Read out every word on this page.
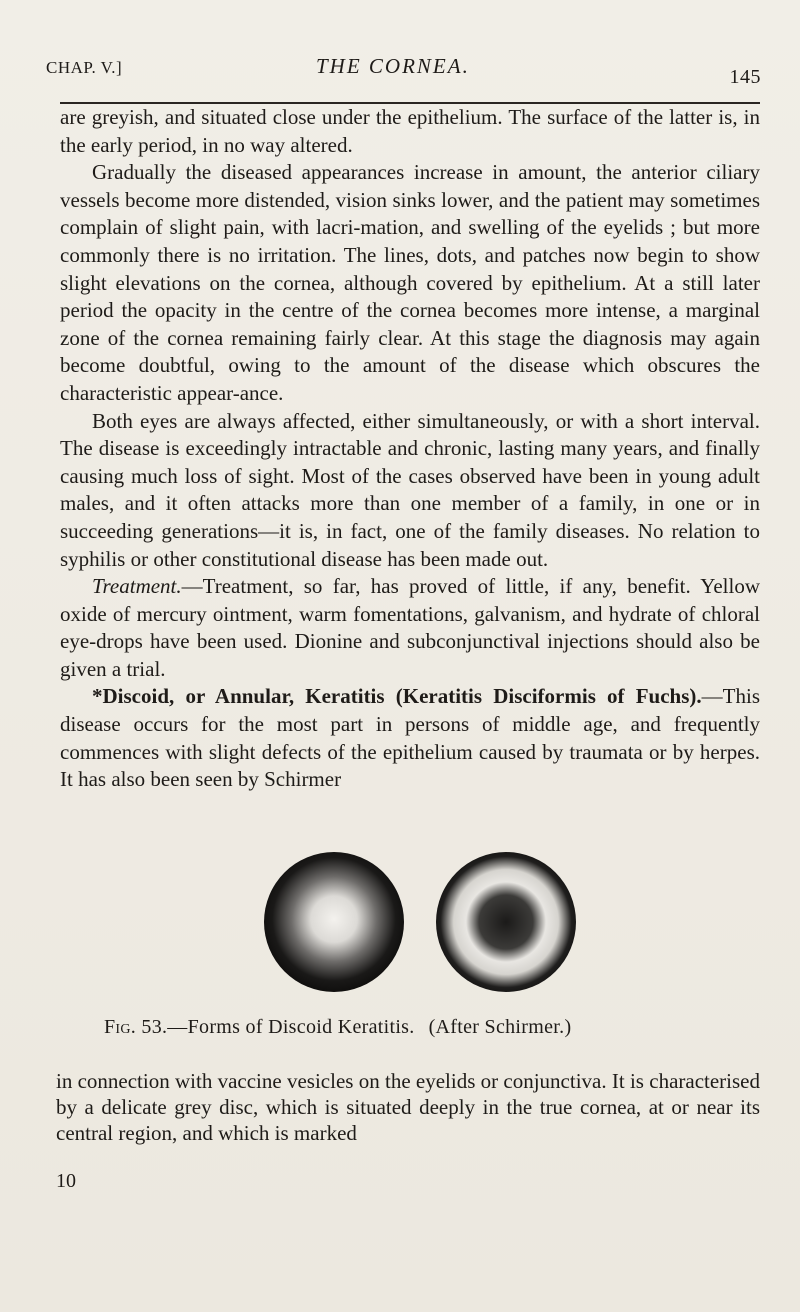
CHAP. V.]	THE CORNEA.	145

are greyish, and situated close under the epithelium. The surface of the latter is, in the early period, in no way altered.

Gradually the diseased appearances increase in amount, the anterior ciliary vessels become more distended, vision sinks lower, and the patient may sometimes complain of slight pain, with lacri-mation, and swelling of the eyelids ; but more commonly there is no irritation. The lines, dots, and patches now begin to show slight elevations on the cornea, although covered by epithelium. At a still later period the opacity in the centre of the cornea becomes more intense, a marginal zone of the cornea remaining fairly clear. At this stage the diagnosis may again become doubtful, owing to the amount of the disease which obscures the characteristic appear-ance.

Both eyes are always affected, either simultaneously, or with a short interval. The disease is exceedingly intractable and chronic, lasting many years, and finally causing much loss of sight. Most of the cases observed have been in young adult males, and it often attacks more than one member of a family, in one or in succeeding generations—it is, in fact, one of the family diseases. No relation to syphilis or other constitutional disease has been made out.

Treatment.—Treatment, so far, has proved of little, if any, benefit. Yellow oxide of mercury ointment, warm fomentations, galvanism, and hydrate of chloral eye-drops have been used. Dionine and subconjunctival injections should also be given a trial.

*Discoid, or Annular, Keratitis (Keratitis Disciformis of Fuchs).—This disease occurs for the most part in persons of middle age, and frequently commences with slight defects of the epithelium caused by traumata or by herpes. It has also been seen by Schirmer

Fig. 53.—Forms of Discoid Keratitis. (After Schirmer.)

in connection with vaccine vesicles on the eyelids or conjunctiva. It is characterised by a delicate grey disc, which is situated deeply in the true cornea, at or near its central region, and which is marked

10
